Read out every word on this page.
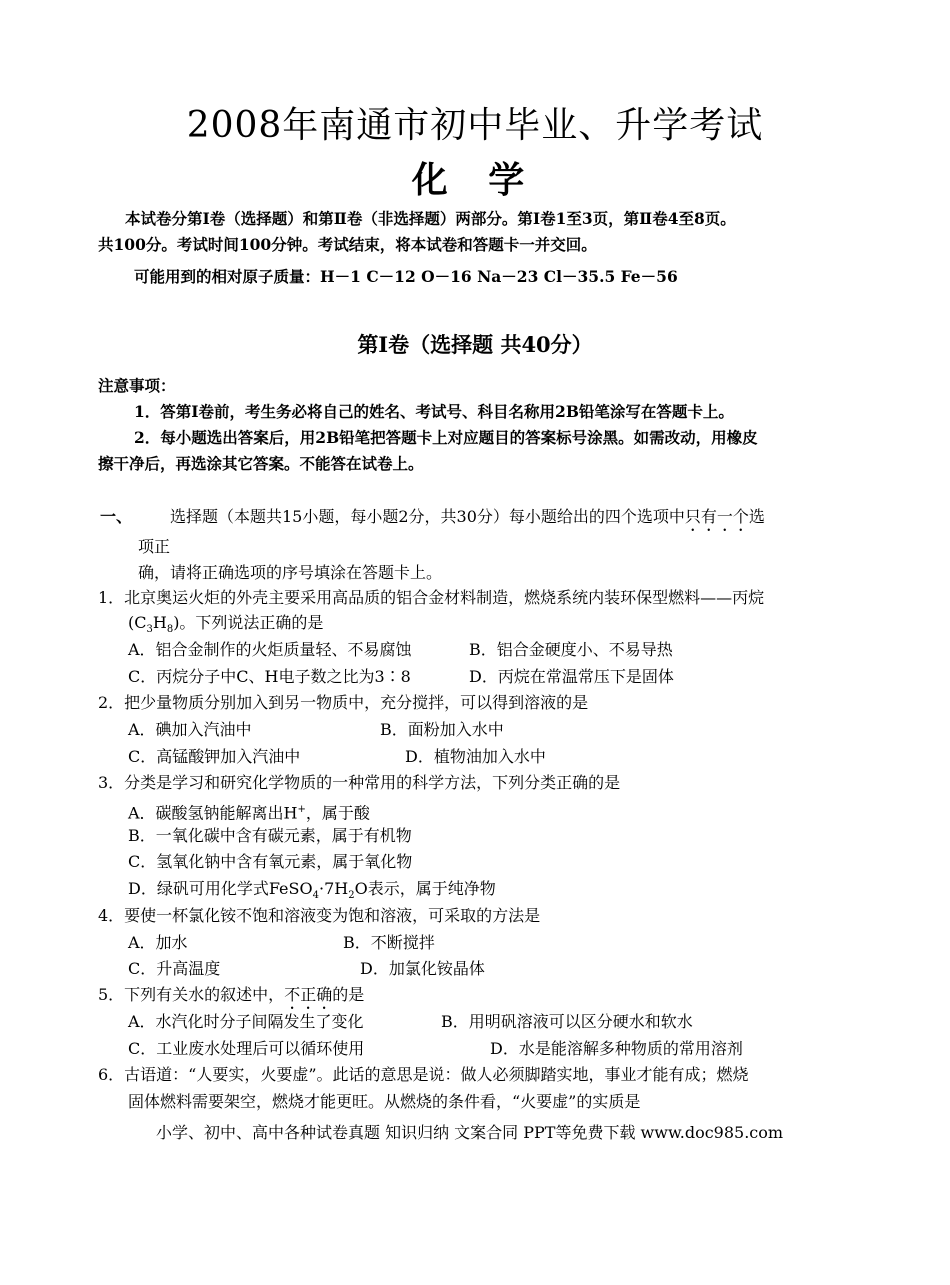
2008年南通市初中毕业、升学考试
化 学
本试卷分第Ⅰ卷（选择题）和第Ⅱ卷（非选择题）两部分。第Ⅰ卷1至3页，第Ⅱ卷4至8页。
共100分。考试时间100分钟。考试结束，将本试卷和答题卡一并交回。
可能用到的相对原子质量：H－1 C－12 O－16 Na－23 Cl－35.5 Fe－56
第Ⅰ卷（选择题 共40分）
注意事项：
1．答第Ⅰ卷前，考生务必将自己的姓名、考试号、科目名称用2B铅笔涂写在答题卡上。
2．每小题选出答案后，用2B铅笔把答题卡上对应题目的答案标号涂黑。如需改动，用橡皮
擦干净后，再选涂其它答案。不能答在试卷上。
一、 选择题（本题共15小题，每小题2分，共30分）每小题给出的四个选项中只有一个选
项正
确，请将正确选项的序号填涂在答题卡上。
1．北京奥运火炬的外壳主要采用高品质的铝合金材料制造，燃烧系统内装环保型燃料——丙烷
$(C_3H_8)$。下列说法正确的是
A．铝合金制作的火炬质量轻、不易腐蚀	B．铝合金硬度小、不易导热
C．丙烷分子中C、H电子数之比为3∶8	D．丙烷在常温常压下是固体
2．把少量物质分别加入到另一物质中，充分搅拌，可以得到溶液的是
A．碘加入汽油中	B．面粉加入水中
C．高锰酸钾加入汽油中	D．植物油加入水中
3．分类是学习和研究化学物质的一种常用的科学方法，下列分类正确的是
A．碳酸氢钠能解离出H+，属于酸
B．一氧化碳中含有碳元素，属于有机物
C．氢氧化钠中含有氧元素，属于氧化物
D．绿矾可用化学式$FeSO_4\cdot 7H_2O$表示，属于纯净物
4．要使一杯氯化铵不饱和溶液变为饱和溶液，可采取的方法是
A．加水	B．不断搅拌
C．升高温度	D．加氯化铵晶体
5．下列有关水的叙述中，不正确的是
A．水汽化时分子间隔发生了变化	B．用明矾溶液可以区分硬水和软水
C．工业废水处理后可以循环使用	D．水是能溶解多种物质的常用溶剂
6．古语道：“人要实，火要虚”。此话的意思是说：做人必须脚踏实地，事业才能有成；燃烧
固体燃料需要架空，燃烧才能更旺。从燃烧的条件看，“火要虚”的实质是
小学、初中、高中各种试卷真题 知识归纳 文案合同 PPT等免费下载 www.doc985.com
